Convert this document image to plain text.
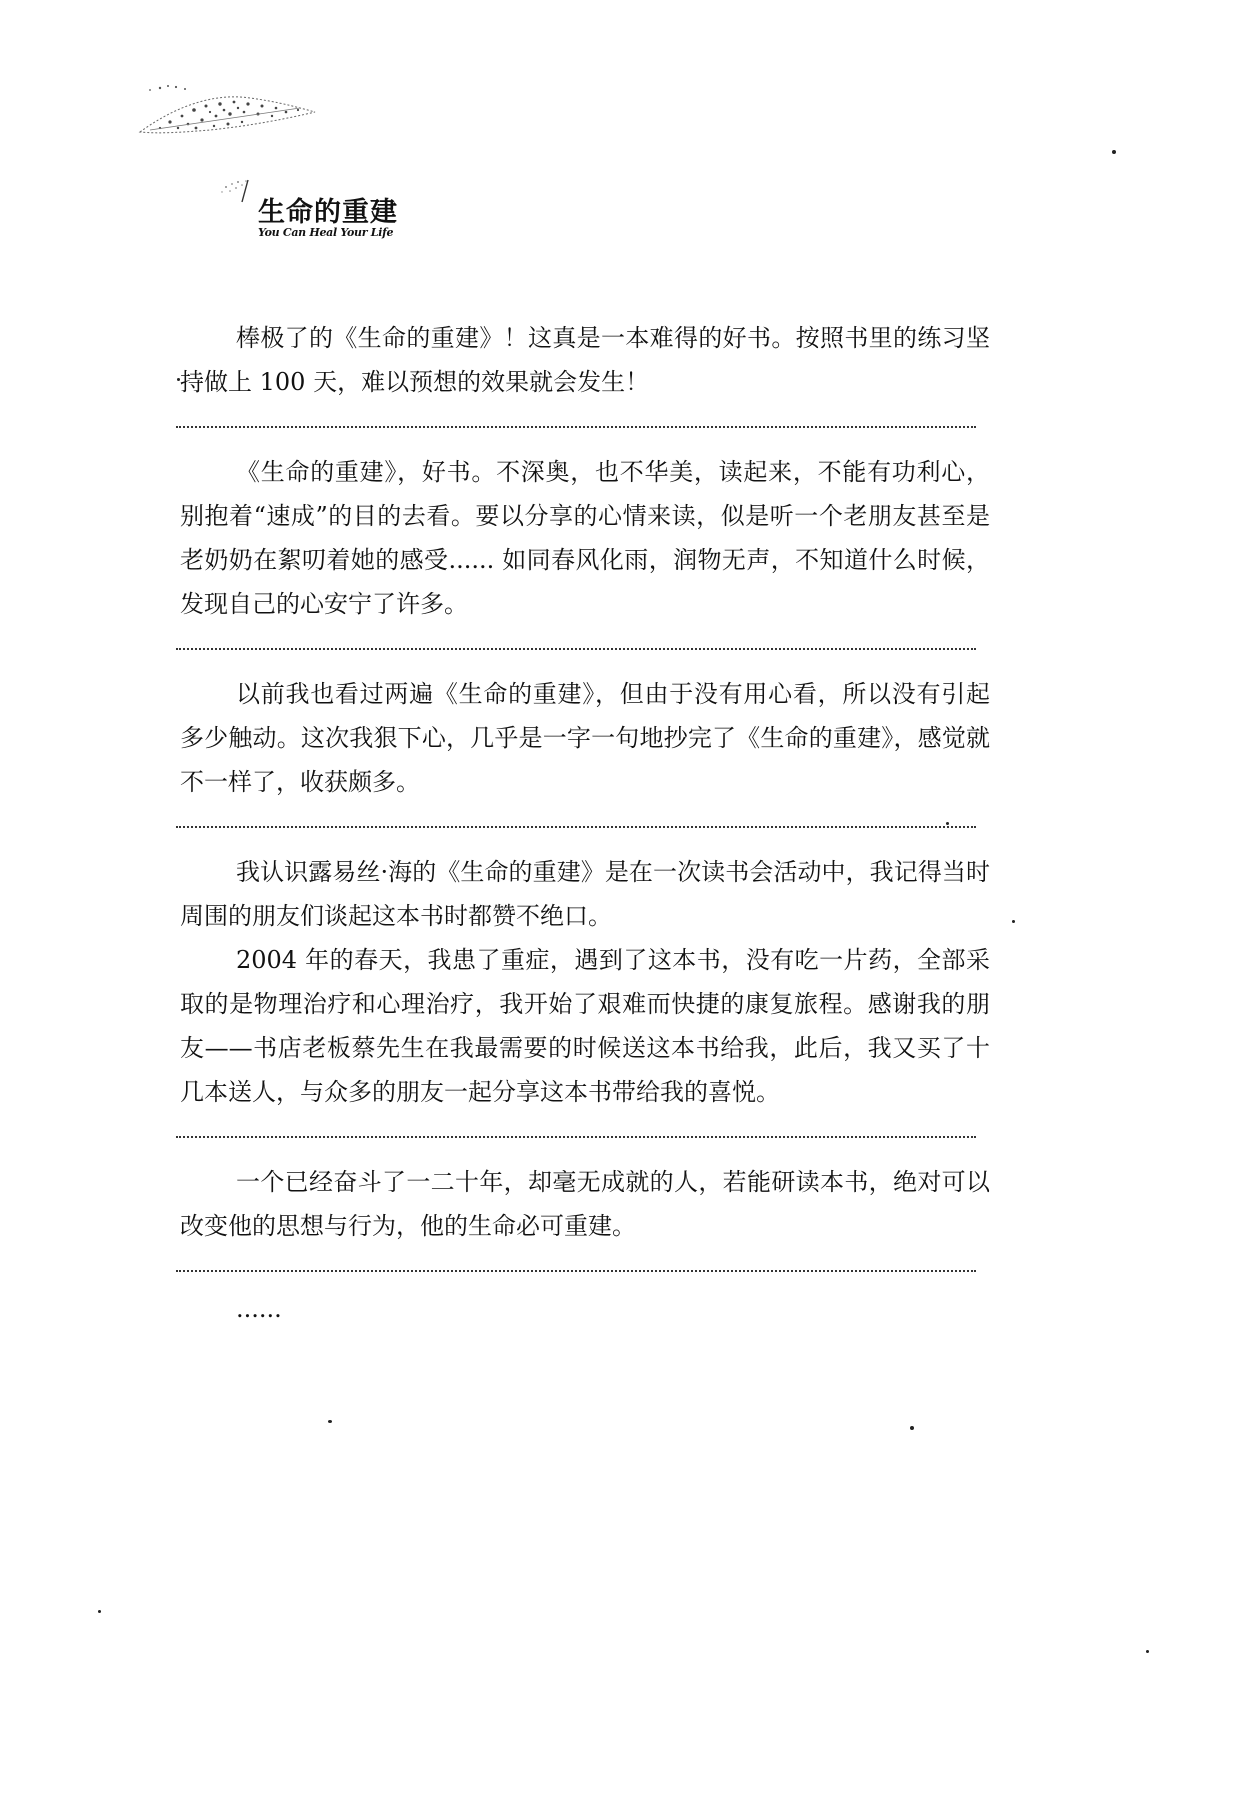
生命的重建
You Can Heal Your Life

棒极了的《生命的重建》！这真是一本难得的好书。按照书里的练习坚持做上 100 天，难以预想的效果就会发生！

《生命的重建》，好书。不深奥，也不华美，读起来，不能有功利心，别抱着“速成”的目的去看。要以分享的心情来读，似是听一个老朋友甚至是老奶奶在絮叨着她的感受...... 如同春风化雨，润物无声，不知道什么时候，发现自己的心安宁了许多。

以前我也看过两遍《生命的重建》，但由于没有用心看，所以没有引起多少触动。这次我狠下心，几乎是一字一句地抄完了《生命的重建》，感觉就不一样了，收获颇多。

我认识露易丝·海的《生命的重建》是在一次读书会活动中，我记得当时周围的朋友们谈起这本书时都赞不绝口。

2004 年的春天，我患了重症，遇到了这本书，没有吃一片药，全部采取的是物理治疗和心理治疗，我开始了艰难而快捷的康复旅程。感谢我的朋友——书店老板蔡先生在我最需要的时候送这本书给我，此后，我又买了十几本送人，与众多的朋友一起分享这本书带给我的喜悦。

一个已经奋斗了一二十年，却毫无成就的人，若能研读本书，绝对可以改变他的思想与行为，他的生命必可重建。

......
